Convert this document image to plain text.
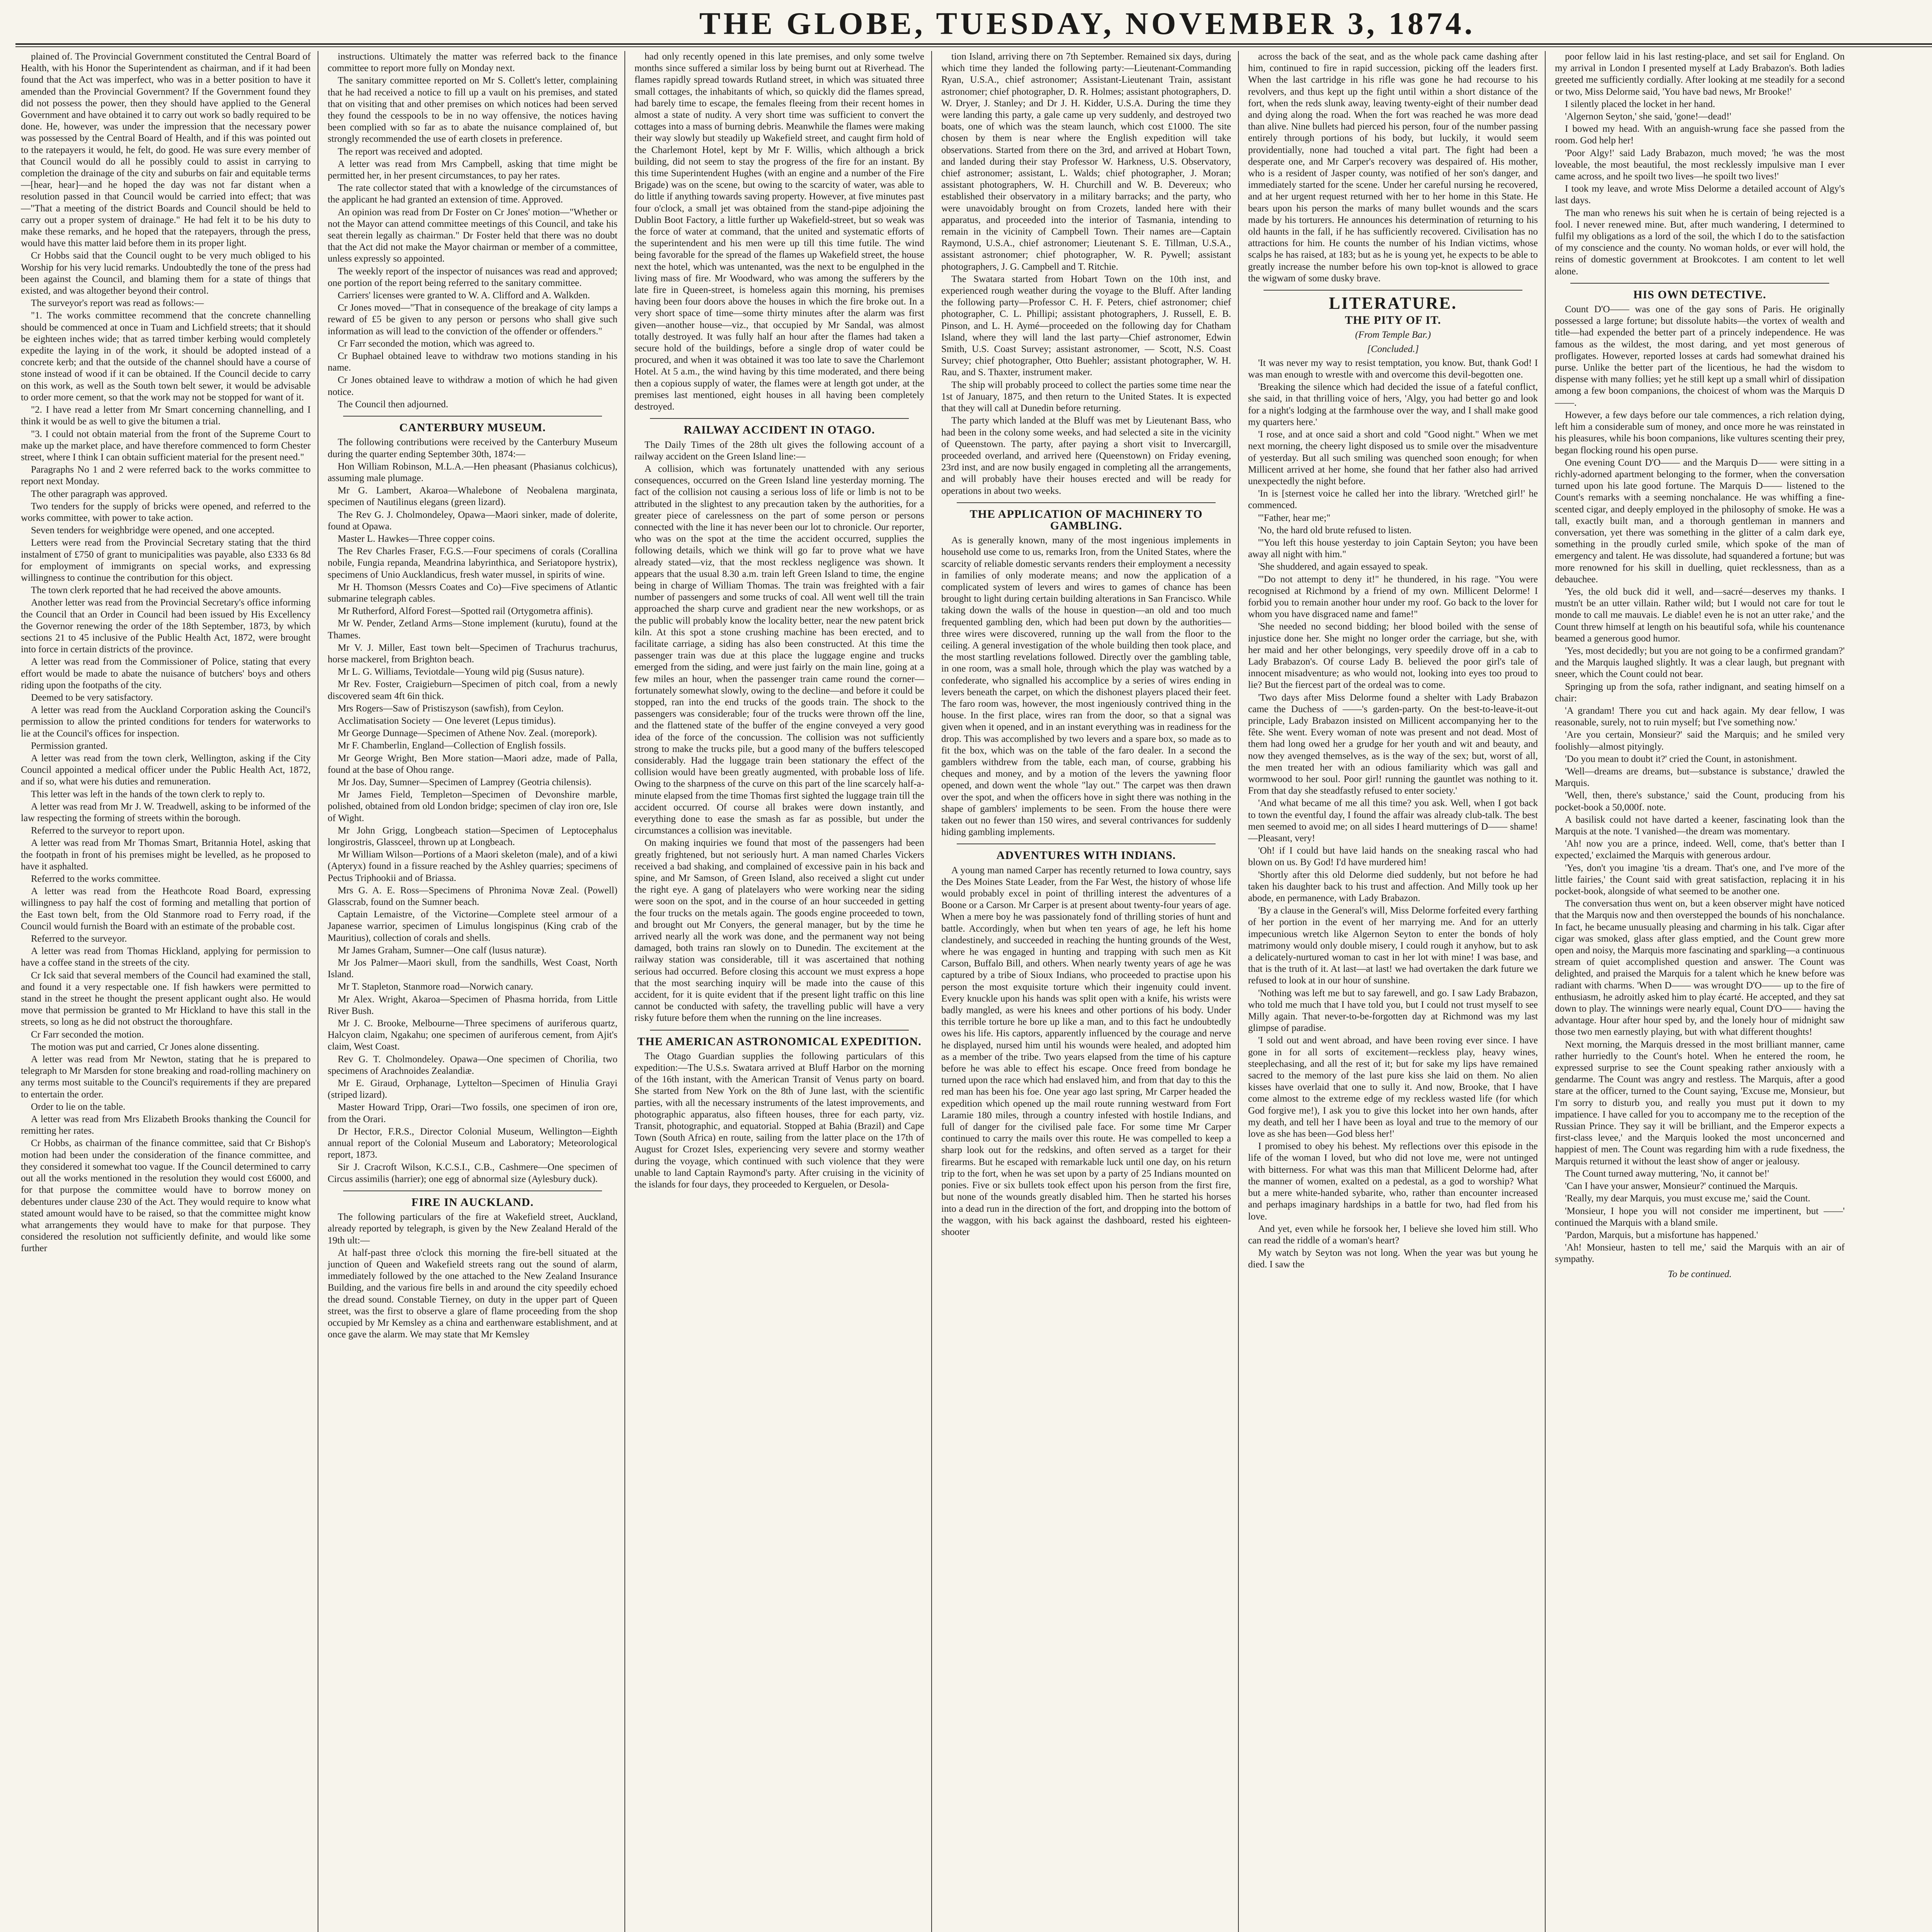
THE GLOBE, TUESDAY, NOVEMBER 3, 1874.

plained of. The Provincial Government constituted the Central Board of Health, with his Honor the Superintendent as chairman, and if it had been found that the Act was imperfect, who was in a better position to have it amended than the Provincial Government? If the Government found they did not possess the power, then they should have applied to the General Government and have obtained it to carry out work so badly required to be done. He, however, was under the impression that the necessary power was possessed by the Central Board of Health, and if this was pointed out to the ratepayers it would, he felt, do good. He was sure every member of that Council would do all he possibly could to assist in carrying to completion the drainage of the city and suburbs on fair and equitable terms—[hear, hear]—and he hoped the day was not far distant when a resolution passed in that Council would be carried into effect; that was—"That a meeting of the district Boards and Council should be held to carry out a proper system of drainage." He had felt it to be his duty to make these remarks, and he hoped that the ratepayers, through the press, would have this matter laid before them in its proper light.

Cr Hobbs said that the Council ought to be very much obliged to his Worship for his very lucid remarks. Undoubtedly the tone of the press had been against the Council, and blaming them for a state of things that existed, and was altogether beyond their control.

The surveyor's report was read as follows:—

"1. The works committee recommend that the concrete channelling should be commenced at once in Tuam and Lichfield streets; that it should be eighteen inches wide; that as tarred timber kerbing would completely expedite the laying in of the work, it should be adopted instead of a concrete kerb; and that the outside of the channel should have a course of stone instead of wood if it can be obtained. If the Council decide to carry on this work, as well as the South town belt sewer, it would be advisable to order more cement, so that the work may not be stopped for want of it.

"2. I have read a letter from Mr Smart concerning channelling, and I think it would be as well to give the bitumen a trial.

"3. I could not obtain material from the front of the Supreme Court to make up the market place, and have therefore commenced to form Chester street, where I think I can obtain sufficient material for the present need."

Paragraphs No 1 and 2 were referred back to the works committee to report next Monday.

The other paragraph was approved.

Two tenders for the supply of bricks were opened, and referred to the works committee, with power to take action.

Seven tenders for weighbridge were opened, and one accepted.

Letters were read from the Provincial Secretary stating that the third instalment of £750 of grant to municipalities was payable, also £333 6s 8d for employment of immigrants on special works, and expressing willingness to continue the contribution for this object.

The town clerk reported that he had received the above amounts.

Another letter was read from the Provincial Secretary's office informing the Council that an Order in Council had been issued by His Excellency the Governor renewing the order of the 18th September, 1873, by which sections 21 to 45 inclusive of the Public Health Act, 1872, were brought into force in certain districts of the province.

A letter was read from the Commissioner of Police, stating that every effort would be made to abate the nuisance of butchers' boys and others riding upon the footpaths of the city.

Deemed to be very satisfactory.

A letter was read from the Auckland Corporation asking the Council's permission to allow the printed conditions for tenders for waterworks to lie at the Council's offices for inspection.

Permission granted.

A letter was read from the town clerk, Wellington, asking if the City Council appointed a medical officer under the Public Health Act, 1872, and if so, what were his duties and remuneration.

This letter was left in the hands of the town clerk to reply to.

A letter was read from Mr J. W. Treadwell, asking to be informed of the law respecting the forming of streets within the borough.

Referred to the surveyor to report upon.

A letter was read from Mr Thomas Smart, Britannia Hotel, asking that the footpath in front of his premises might be levelled, as he proposed to have it asphalted.

Referred to the works committee.

A letter was read from the Heathcote Road Board, expressing willingness to pay half the cost of forming and metalling that portion of the East town belt, from the Old Stanmore road to Ferry road, if the Council would furnish the Board with an estimate of the probable cost.

Referred to the surveyor.

A letter was read from Thomas Hickland, applying for permission to have a coffee stand in the streets of the city.

Cr Ick said that several members of the Council had examined the stall, and found it a very respectable one. If fish hawkers were permitted to stand in the street he thought the present applicant ought also. He would move that permission be granted to Mr Hickland to have this stall in the streets, so long as he did not obstruct the thoroughfare.

Cr Farr seconded the motion.

The motion was put and carried, Cr Jones alone dissenting.

A letter was read from Mr Newton, stating that he is prepared to telegraph to Mr Marsden for stone breaking and road-rolling machinery on any terms most suitable to the Council's requirements if they are prepared to entertain the order.

Order to lie on the table.

A letter was read from Mrs Elizabeth Brooks thanking the Council for remitting her rates.

Cr Hobbs, as chairman of the finance committee, said that Cr Bishop's motion had been under the consideration of the finance committee, and they considered it somewhat too vague. If the Council determined to carry out all the works mentioned in the resolution they would cost £6000, and for that purpose the committee would have to borrow money on debentures under clause 230 of the Act. They would require to know what stated amount would have to be raised, so that the committee might know what arrangements they would have to make for that purpose. They considered the resolution not sufficiently definite, and would like some further

instructions. Ultimately the matter was referred back to the finance committee to report more fully on Monday next.

The sanitary committee reported on Mr S. Collett's letter, complaining that he had received a notice to fill up a vault on his premises, and stated that on visiting that and other premises on which notices had been served they found the cesspools to be in no way offensive, the notices having been complied with so far as to abate the nuisance complained of, but strongly recommended the use of earth closets in preference.

The report was received and adopted.

A letter was read from Mrs Campbell, asking that time might be permitted her, in her present circumstances, to pay her rates.

The rate collector stated that with a knowledge of the circumstances of the applicant he had granted an extension of time. Approved.

An opinion was read from Dr Foster on Cr Jones' motion—"Whether or not the Mayor can attend committee meetings of this Council, and take his seat therein legally as chairman." Dr Foster held that there was no doubt that the Act did not make the Mayor chairman or member of a committee, unless expressly so appointed.

The weekly report of the inspector of nuisances was read and approved; one portion of the report being referred to the sanitary committee.

Carriers' licenses were granted to W. A. Clifford and A. Walkden.

Cr Jones moved—"That in consequence of the breakage of city lamps a reward of £5 be given to any person or persons who shall give such information as will lead to the conviction of the offender or offenders."

Cr Farr seconded the motion, which was agreed to.

Cr Buphael obtained leave to withdraw two motions standing in his name.

Cr Jones obtained leave to withdraw a motion of which he had given notice.

The Council then adjourned.

CANTERBURY MUSEUM.

The following contributions were received by the Canterbury Museum during the quarter ending September 30th, 1874:—

Hon William Robinson, M.L.A.—Hen pheasant (Phasianus colchicus), assuming male plumage.

Mr G. Lambert, Akaroa—Whalebone of Neobalena marginata, specimen of Nautilinus elegans (green lizard).

The Rev G. J. Cholmondeley, Opawa—Maori sinker, made of dolerite, found at Opawa.

Master L. Hawkes—Three copper coins.

The Rev Charles Fraser, F.G.S.—Four specimens of corals (Corallina nobile, Fungia repanda, Meandrina labyrinthica, and Seriatopore hystrix), specimens of Unio Aucklandicus, fresh water mussel, in spirits of wine.

Mr H. Thomson (Messrs Coates and Co)—Five specimens of Atlantic submarine telegraph cables.

Mr Rutherford, Alford Forest—Spotted rail (Ortygometra affinis).

Mr W. Pender, Zetland Arms—Stone implement (kurutu), found at the Thames.

Mr V. J. Miller, East town belt—Specimen of Trachurus trachurus, horse mackerel, from Brighton beach.

Mr L. G. Williams, Teviotdale—Young wild pig (Susus nature).

Mr Rev. Foster, Craigieburn—Specimen of pitch coal, from a newly discovered seam 4ft 6in thick.

Mrs Rogers—Saw of Pristiszyson (sawfish), from Ceylon.

Acclimatisation Society — One leveret (Lepus timidus).

Mr George Dunnage—Specimen of Athene Nov. Zeal. (morepork).

Mr F. Chamberlin, England—Collection of English fossils.

Mr George Wright, Ben More station—Maori adze, made of Palla, found at the base of Ohou range.

Mr Jos. Day, Sumner—Specimen of Lamprey (Geotria chilensis).

Mr James Field, Templeton—Specimen of Devonshire marble, polished, obtained from old London bridge; specimen of clay iron ore, Isle of Wight.

Mr John Grigg, Longbeach station—Specimen of Leptocephalus longirostris, Glassceel, thrown up at Longbeach.

Mr William Wilson—Portions of a Maori skeleton (male), and of a kiwi (Apteryx) found in a fissure reached by the Ashley quarries; specimens of Pectus Triphookii and of Briassa.

Mrs G. A. E. Ross—Specimens of Phronima Novæ Zeal. (Powell) Glasscrab, found on the Sumner beach.

Captain Lemaistre, of the Victorine—Complete steel armour of a Japanese warrior, specimen of Limulus longispinus (King crab of the Mauritius), collection of corals and shells.

Mr James Graham, Sumner—One calf (lusus naturæ).

Mr Jos Palmer—Maori skull, from the sandhills, West Coast, North Island.

Mr T. Stapleton, Stanmore road—Norwich canary.

Mr Alex. Wright, Akaroa—Specimen of Phasma horrida, from Little River Bush.

Mr J. C. Brooke, Melbourne—Three specimens of auriferous quartz, Halcyon claim, Ngakahu; one specimen of auriferous cement, from Ajit's claim, West Coast.

Rev G. T. Cholmondeley. Opawa—One specimen of Chorilia, two specimens of Arachnoides Zealandiæ.

Mr E. Giraud, Orphanage, Lyttelton—Specimen of Hinulia Grayi (striped lizard).

Master Howard Tripp, Orari—Two fossils, one specimen of iron ore, from the Orari.

Dr Hector, F.R.S., Director Colonial Museum, Wellington—Eighth annual report of the Colonial Museum and Laboratory; Meteorological report, 1873.

Sir J. Cracroft Wilson, K.C.S.I., C.B., Cashmere—One specimen of Circus assimilis (harrier); one egg of abnormal size (Aylesbury duck).

FIRE IN AUCKLAND.

The following particulars of the fire at Wakefield street, Auckland, already reported by telegraph, is given by the New Zealand Herald of the 19th ult:—

At half-past three o'clock this morning the fire-bell situated at the junction of Queen and Wakefield streets rang out the sound of alarm, immediately followed by the one attached to the New Zealand Insurance Building, and the various fire bells in and around the city speedily echoed the dread sound. Constable Tierney, on duty in the upper part of Queen street, was the first to observe a glare of flame proceeding from the shop occupied by Mr Kemsley as a china and earthenware establishment, and at once gave the alarm. We may state that Mr Kemsley

had only recently opened in this late premises, and only some twelve months since suffered a similar loss by being burnt out at Riverhead. The flames rapidly spread towards Rutland street, in which was situated three small cottages, the inhabitants of which, so quickly did the flames spread, had barely time to escape, the females fleeing from their recent homes in almost a state of nudity. A very short time was sufficient to convert the cottages into a mass of burning debris. Meanwhile the flames were making their way slowly but steadily up Wakefield street, and caught firm hold of the Charlemont Hotel, kept by Mr F. Willis, which although a brick building, did not seem to stay the progress of the fire for an instant. By this time Superintendent Hughes (with an engine and a number of the Fire Brigade) was on the scene, but owing to the scarcity of water, was able to do little if anything towards saving property. However, at five minutes past four o'clock, a small jet was obtained from the stand-pipe adjoining the Dublin Boot Factory, a little further up Wakefield-street, but so weak was the force of water at command, that the united and systematic efforts of the superintendent and his men were up till this time futile. The wind being favorable for the spread of the flames up Wakefield street, the house next the hotel, which was untenanted, was the next to be engulphed in the living mass of fire. Mr Woodward, who was among the sufferers by the late fire in Queen-street, is homeless again this morning, his premises having been four doors above the houses in which the fire broke out. In a very short space of time—some thirty minutes after the alarm was first given—another house—viz., that occupied by Mr Sandal, was almost totally destroyed. It was fully half an hour after the flames had taken a secure hold of the buildings, before a single drop of water could be procured, and when it was obtained it was too late to save the Charlemont Hotel. At 5 a.m., the wind having by this time moderated, and there being then a copious supply of water, the flames were at length got under, at the premises last mentioned, eight houses in all having been completely destroyed.

RAILWAY ACCIDENT IN OTAGO.

The Daily Times of the 28th ult gives the following account of a railway accident on the Green Island line:—

A collision, which was fortunately unattended with any serious consequences, occurred on the Green Island line yesterday morning. The fact of the collision not causing a serious loss of life or limb is not to be attributed in the slightest to any precaution taken by the authorities, for a greater piece of carelessness on the part of some person or persons connected with the line it has never been our lot to chronicle. Our reporter, who was on the spot at the time the accident occurred, supplies the following details, which we think will go far to prove what we have already stated—viz, that the most reckless negligence was shown. It appears that the usual 8.30 a.m. train left Green Island to time, the engine being in charge of William Thomas. The train was freighted with a fair number of passengers and some trucks of coal. All went well till the train approached the sharp curve and gradient near the new workshops, or as the public will probably know the locality better, near the new patent brick kiln. At this spot a stone crushing machine has been erected, and to facilitate carriage, a siding has also been constructed. At this time the passenger train was due at this place the luggage engine and trucks emerged from the siding, and were just fairly on the main line, going at a few miles an hour, when the passenger train came round the corner—fortunately somewhat slowly, owing to the decline—and before it could be stopped, ran into the end trucks of the goods train. The shock to the passengers was considerable; four of the trucks were thrown off the line, and the flattened state of the buffer of the engine conveyed a very good idea of the force of the concussion. The collision was not sufficiently strong to make the trucks pile, but a good many of the buffers telescoped considerably. Had the luggage train been stationary the effect of the collision would have been greatly augmented, with probable loss of life. Owing to the sharpness of the curve on this part of the line scarcely half-a-minute elapsed from the time Thomas first sighted the luggage train till the accident occurred. Of course all brakes were down instantly, and everything done to ease the smash as far as possible, but under the circumstances a collision was inevitable.

On making inquiries we found that most of the passengers had been greatly frightened, but not seriously hurt. A man named Charles Vickers received a bad shaking, and complained of excessive pain in his back and spine, and Mr Samson, of Green Island, also received a slight cut under the right eye. A gang of platelayers who were working near the siding were soon on the spot, and in the course of an hour succeeded in getting the four trucks on the metals again. The goods engine proceeded to town, and brought out Mr Conyers, the general manager, but by the time he arrived nearly all the work was done, and the permanent way not being damaged, both trains ran slowly on to Dunedin. The excitement at the railway station was considerable, till it was ascertained that nothing serious had occurred. Before closing this account we must express a hope that the most searching inquiry will be made into the cause of this accident, for it is quite evident that if the present light traffic on this line cannot be conducted with safety, the travelling public will have a very risky future before them when the running on the line increases.

THE AMERICAN ASTRONOMICAL EXPEDITION.

The Otago Guardian supplies the following particulars of this expedition:—The U.S.s. Swatara arrived at Bluff Harbor on the morning of the 16th instant, with the American Transit of Venus party on board. She started from New York on the 8th of June last, with the scientific parties, with all the necessary instruments of the latest improvements, and photographic apparatus, also fifteen houses, three for each party, viz. Transit, photographic, and equatorial. Stopped at Bahia (Brazil) and Cape Town (South Africa) en route, sailing from the latter place on the 17th of August for Crozet Isles, experiencing very severe and stormy weather during the voyage, which continued with such violence that they were unable to land Captain Raymond's party. After cruising in the vicinity of the islands for four days, they proceeded to Kerguelen, or Desola-

tion Island, arriving there on 7th September. Remained six days, during which time they landed the following party:—Lieutenant-Commanding Ryan, U.S.A., chief astronomer; Assistant-Lieutenant Train, assistant astronomer; chief photographer, D. R. Holmes; assistant photographers, D. W. Dryer, J. Stanley; and Dr J. H. Kidder, U.S.A. During the time they were landing this party, a gale came up very suddenly, and destroyed two boats, one of which was the steam launch, which cost £1000. The site chosen by them is near where the English expedition will take observations. Started from there on the 3rd, and arrived at Hobart Town, and landed during their stay Professor W. Harkness, U.S. Observatory, chief astronomer; assistant, L. Walds; chief photographer, J. Moran; assistant photographers, W. H. Churchill and W. B. Devereux; who established their observatory in a military barracks; and the party, who were unavoidably brought on from Crozets, landed here with their apparatus, and proceeded into the interior of Tasmania, intending to remain in the vicinity of Campbell Town. Their names are—Captain Raymond, U.S.A., chief astronomer; Lieutenant S. E. Tillman, U.S.A., assistant astronomer; chief photographer, W. R. Pywell; assistant photographers, J. G. Campbell and T. Ritchie.

The Swatara started from Hobart Town on the 10th inst, and experienced rough weather during the voyage to the Bluff. After landing the following party—Professor C. H. F. Peters, chief astronomer; chief photographer, C. L. Phillipi; assistant photographers, J. Russell, E. B. Pinson, and L. H. Aymé—proceeded on the following day for Chatham Island, where they will land the last party—Chief astronomer, Edwin Smith, U.S. Coast Survey; assistant astronomer, — Scott, N.S. Coast Survey; chief photographer, Otto Buehler; assistant photographer, W. H. Rau, and S. Thaxter, instrument maker.

The ship will probably proceed to collect the parties some time near the 1st of January, 1875, and then return to the United States. It is expected that they will call at Dunedin before returning.

The party which landed at the Bluff was met by Lieutenant Bass, who had been in the colony some weeks, and had selected a site in the vicinity of Queenstown. The party, after paying a short visit to Invercargill, proceeded overland, and arrived here (Queenstown) on Friday evening, 23rd inst, and are now busily engaged in completing all the arrangements, and will probably have their houses erected and will be ready for operations in about two weeks.

THE APPLICATION OF MACHINERY TO GAMBLING.

As is generally known, many of the most ingenious implements in household use come to us, remarks Iron, from the United States, where the scarcity of reliable domestic servants renders their employment a necessity in families of only moderate means; and now the application of a complicated system of levers and wires to games of chance has been brought to light during certain building alterations in San Francisco. While taking down the walls of the house in question—an old and too much frequented gambling den, which had been put down by the authorities—three wires were discovered, running up the wall from the floor to the ceiling. A general investigation of the whole building then took place, and the most startling revelations followed. Directly over the gambling table, in one room, was a small hole, through which the play was watched by a confederate, who signalled his accomplice by a series of wires ending in levers beneath the carpet, on which the dishonest players placed their feet. The faro room was, however, the most ingeniously contrived thing in the house. In the first place, wires ran from the door, so that a signal was given when it opened, and in an instant everything was in readiness for the drop. This was accomplished by two levers and a spare box, so made as to fit the box, which was on the table of the faro dealer. In a second the gamblers withdrew from the table, each man, of course, grabbing his cheques and money, and by a motion of the levers the yawning floor opened, and down went the whole "lay out." The carpet was then drawn over the spot, and when the officers hove in sight there was nothing in the shape of gamblers' implements to be seen. From the house there were taken out no fewer than 150 wires, and several contrivances for suddenly hiding gambling implements.

ADVENTURES WITH INDIANS.

A young man named Carper has recently returned to Iowa country, says the Des Moines State Leader, from the Far West, the history of whose life would probably excel in point of thrilling interest the adventures of a Boone or a Carson. Mr Carper is at present about twenty-four years of age. When a mere boy he was passionately fond of thrilling stories of hunt and battle. Accordingly, when but when ten years of age, he left his home clandestinely, and succeeded in reaching the hunting grounds of the West, where he was engaged in hunting and trapping with such men as Kit Carson, Buffalo Bill, and others. When nearly twenty years of age he was captured by a tribe of Sioux Indians, who proceeded to practise upon his person the most exquisite torture which their ingenuity could invent. Every knuckle upon his hands was split open with a knife, his wrists were badly mangled, as were his knees and other portions of his body. Under this terrible torture he bore up like a man, and to this fact he undoubtedly owes his life. His captors, apparently influenced by the courage and nerve he displayed, nursed him until his wounds were healed, and adopted him as a member of the tribe. Two years elapsed from the time of his capture before he was able to effect his escape. Once freed from bondage he turned upon the race which had enslaved him, and from that day to this the red man has been his foe. One year ago last spring, Mr Carper headed the expedition which opened up the mail route running westward from Fort Laramie 180 miles, through a country infested with hostile Indians, and full of danger for the civilised pale face. For some time Mr Carper continued to carry the mails over this route. He was compelled to keep a sharp look out for the redskins, and often served as a target for their firearms. But he escaped with remarkable luck until one day, on his return trip to the fort, when he was set upon by a party of 25 Indians mounted on ponies. Five or six bullets took effect upon his person from the first fire, but none of the wounds greatly disabled him. Then he started his horses into a dead run in the direction of the fort, and dropping into the bottom of the waggon, with his back against the dashboard, rested his eighteen-shooter

across the back of the seat, and as the whole pack came dashing after him, continued to fire in rapid succession, picking off the leaders first. When the last cartridge in his rifle was gone he had recourse to his revolvers, and thus kept up the fight until within a short distance of the fort, when the reds slunk away, leaving twenty-eight of their number dead and dying along the road. When the fort was reached he was more dead than alive. Nine bullets had pierced his person, four of the number passing entirely through portions of his body, but luckily, it would seem providentially, none had touched a vital part. The fight had been a desperate one, and Mr Carper's recovery was despaired of. His mother, who is a resident of Jasper county, was notified of her son's danger, and immediately started for the scene. Under her careful nursing he recovered, and at her urgent request returned with her to her home in this State. He bears upon his person the marks of many bullet wounds and the scars made by his torturers. He announces his determination of returning to his old haunts in the fall, if he has sufficiently recovered. Civilisation has no attractions for him. He counts the number of his Indian victims, whose scalps he has raised, at 183; but as he is young yet, he expects to be able to greatly increase the number before his own top-knot is allowed to grace the wigwam of some dusky brave.

LITERATURE.
THE PITY OF IT.

(From Temple Bar.)

[Concluded.]

'It was never my way to resist temptation, you know. But, thank God! I was man enough to wrestle with and overcome this devil-begotten one.

'Breaking the silence which had decided the issue of a fateful conflict, she said, in that thrilling voice of hers, 'Algy, you had better go and look for a night's lodging at the farmhouse over the way, and I shall make good my quarters here.'

'I rose, and at once said a short and cold "Good night." When we met next morning, the cheery light disposed us to smile over the misadventure of yesterday. But all such smiling was quenched soon enough; for when Millicent arrived at her home, she found that her father also had arrived unexpectedly the night before.

'In is [sternest voice he called her into the library. 'Wretched girl!' he commenced.

'"Father, hear me;"

'No, the hard old brute refused to listen.

'"You left this house yesterday to join Captain Seyton; you have been away all night with him."

'She shuddered, and again essayed to speak.

'"Do not attempt to deny it!" he thundered, in his rage. "You were recognised at Richmond by a friend of my own. Millicent Delorme! I forbid you to remain another hour under my roof. Go back to the lover for whom you have disgraced name and fame!"

'She needed no second bidding; her blood boiled with the sense of injustice done her. She might no longer order the carriage, but she, with her maid and her other belongings, very speedily drove off in a cab to Lady Brabazon's. Of course Lady B. believed the poor girl's tale of innocent misadventure; as who would not, looking into eyes too proud to lie? But the fiercest part of the ordeal was to come.

'Two days after Miss Delorme found a shelter with Lady Brabazon came the Duchess of ——'s garden-party. On the best-to-leave-it-out principle, Lady Brabazon insisted on Millicent accompanying her to the fête. She went. Every woman of note was present and not dead. Most of them had long owed her a grudge for her youth and wit and beauty, and now they avenged themselves, as is the way of the sex; but, worst of all, the men treated her with an odious familiarity which was gall and wormwood to her soul. Poor girl! running the gauntlet was nothing to it. From that day she steadfastly refused to enter society.'

'And what became of me all this time? you ask. Well, when I got back to town the eventful day, I found the affair was already club-talk. The best men seemed to avoid me; on all sides I heard mutterings of D—— shame!—Pleasant, very!

'Oh! if I could but have laid hands on the sneaking rascal who had blown on us. By God! I'd have murdered him!

'Shortly after this old Delorme died suddenly, but not before he had taken his daughter back to his trust and affection. And Milly took up her abode, en permanence, with Lady Brabazon.

'By a clause in the General's will, Miss Delorme forfeited every farthing of her portion in the event of her marrying me. And for an utterly impecunious wretch like Algernon Seyton to enter the bonds of holy matrimony would only double misery, I could rough it anyhow, but to ask a delicately-nurtured woman to cast in her lot with mine! I was base, and that is the truth of it. At last—at last! we had overtaken the dark future we refused to look at in our hour of sunshine.

'Nothing was left me but to say farewell, and go. I saw Lady Brabazon, who told me much that I have told you, but I could not trust myself to see Milly again. That never-to-be-forgotten day at Richmond was my last glimpse of paradise.

'I sold out and went abroad, and have been roving ever since. I have gone in for all sorts of excitement—reckless play, heavy wines, steeplechasing, and all the rest of it; but for sake my lips have remained sacred to the memory of the last pure kiss she laid on them. No alien kisses have overlaid that one to sully it. And now, Brooke, that I have come almost to the extreme edge of my reckless wasted life (for which God forgive me!), I ask you to give this locket into her own hands, after my death, and tell her I have been as loyal and true to the memory of our love as she has been—God bless her!'

I promised to obey his behest. My reflections over this episode in the life of the woman I loved, but who did not love me, were not untinged with bitterness. For what was this man that Millicent Delorme had, after the manner of women, exalted on a pedestal, as a god to worship? What but a mere white-handed sybarite, who, rather than encounter increased and perhaps imaginary hardships in a battle for two, had fled from his love.

And yet, even while he forsook her, I believe she loved him still. Who can read the riddle of a woman's heart?

My watch by Seyton was not long. When the year was but young he died. I saw the

poor fellow laid in his last resting-place, and set sail for England. On my arrival in London I presented myself at Lady Brabazon's. Both ladies greeted me sufficiently cordially. After looking at me steadily for a second or two, Miss Delorme said, 'You have bad news, Mr Brooke!'

I silently placed the locket in her hand.

'Algernon Seyton,' she said, 'gone!—dead!'

I bowed my head. With an anguish-wrung face she passed from the room. God help her!

'Poor Algy!' said Lady Brabazon, much moved; 'he was the most loveable, the most beautiful, the most recklessly impulsive man I ever came across, and he spoilt two lives—he spoilt two lives!'

I took my leave, and wrote Miss Delorme a detailed account of Algy's last days.

The man who renews his suit when he is certain of being rejected is a fool. I never renewed mine. But, after much wandering, I determined to fulfil my obligations as a lord of the soil, the which I do to the satisfaction of my conscience and the county. No woman holds, or ever will hold, the reins of domestic government at Brookcotes. I am content to let well alone.

HIS OWN DETECTIVE.

Count D'O—— was one of the gay sons of Paris. He originally possessed a large fortune; but dissolute habits—the vortex of wealth and title—had expended the better part of a princely independence. He was famous as the wildest, the most daring, and yet most generous of profligates. However, reported losses at cards had somewhat drained his purse. Unlike the better part of the licentious, he had the wisdom to dispense with many follies; yet he still kept up a small whirl of dissipation among a few boon companions, the choicest of whom was the Marquis D——.

However, a few days before our tale commences, a rich relation dying, left him a considerable sum of money, and once more he was reinstated in his pleasures, while his boon companions, like vultures scenting their prey, began flocking round his open purse.

One evening Count D'O—— and the Marquis D—— were sitting in a richly-adorned apartment belonging to the former, when the conversation turned upon his late good fortune. The Marquis D—— listened to the Count's remarks with a seeming nonchalance. He was whiffing a fine-scented cigar, and deeply employed in the philosophy of smoke. He was a tall, exactly built man, and a thorough gentleman in manners and conversation, yet there was something in the glitter of a calm dark eye, something in the proudly curled smile, which spoke of the man of emergency and talent. He was dissolute, had squandered a fortune; but was more renowned for his skill in duelling, quiet recklessness, than as a debauchee.

'Yes, the old buck did it well, and—sacré—deserves my thanks. I mustn't be an utter villain. Rather wild; but I would not care for tout le monde to call me mauvais. Le diable! even he is not an utter rake,' and the Count threw himself at length on his beautiful sofa, while his countenance beamed a generous good humor.

'Yes, most decidedly; but you are not going to be a confirmed grandam?' and the Marquis laughed slightly. It was a clear laugh, but pregnant with sneer, which the Count could not bear.

Springing up from the sofa, rather indignant, and seating himself on a chair:

'A grandam! There you cut and hack again. My dear fellow, I was reasonable, surely, not to ruin myself; but I've something now.'

'Are you certain, Monsieur?' said the Marquis; and he smiled very foolishly—almost pityingly.

'Do you mean to doubt it?' cried the Count, in astonishment.

'Well—dreams are dreams, but—substance is substance,' drawled the Marquis.

'Well, then, there's substance,' said the Count, producing from his pocket-book a 50,000f. note.

A basilisk could not have darted a keener, fascinating look than the Marquis at the note. 'I vanished—the dream was momentary.

'Ah! now you are a prince, indeed. Well, come, that's better than I expected,' exclaimed the Marquis with generous ardour.

'Yes, don't you imagine 'tis a dream. That's one, and I've more of the little fairies,' the Count said with great satisfaction, replacing it in his pocket-book, alongside of what seemed to be another one.

The conversation thus went on, but a keen observer might have noticed that the Marquis now and then overstepped the bounds of his nonchalance. In fact, he became unusually pleasing and charming in his talk. Cigar after cigar was smoked, glass after glass emptied, and the Count grew more open and noisy, the Marquis more fascinating and sparkling—a continuous stream of quiet accomplished question and answer. The Count was delighted, and praised the Marquis for a talent which he knew before was radiant with charms. 'When D—— was wrought D'O—— up to the fire of enthusiasm, he adroitly asked him to play écarté. He accepted, and they sat down to play. The winnings were nearly equal, Count D'O—— having the advantage. Hour after hour sped by, and the lonely hour of midnight saw those two men earnestly playing, but with what different thoughts!

Next morning, the Marquis dressed in the most brilliant manner, came rather hurriedly to the Count's hotel. When he entered the room, he expressed surprise to see the Count speaking rather anxiously with a gendarme. The Count was angry and restless. The Marquis, after a good stare at the officer, turned to the Count saying, 'Excuse me, Monsieur, but I'm sorry to disturb you, and really you must put it down to my impatience. I have called for you to accompany me to the reception of the Russian Prince. They say it will be brilliant, and the Emperor expects a first-class levee,' and the Marquis looked the most unconcerned and happiest of men. The Count was regarding him with a rude fixedness, the Marquis returned it without the least show of anger or jealousy.

The Count turned away muttering, 'No, it cannot be!'

'Can I have your answer, Monsieur?' continued the Marquis.

'Really, my dear Marquis, you must excuse me,' said the Count.

'Monsieur, I hope you will not consider me impertinent, but ——' continued the Marquis with a bland smile.

'Pardon, Marquis, but a misfortune has happened.'

'Ah! Monsieur, hasten to tell me,' said the Marquis with an air of sympathy.

To be continued.
